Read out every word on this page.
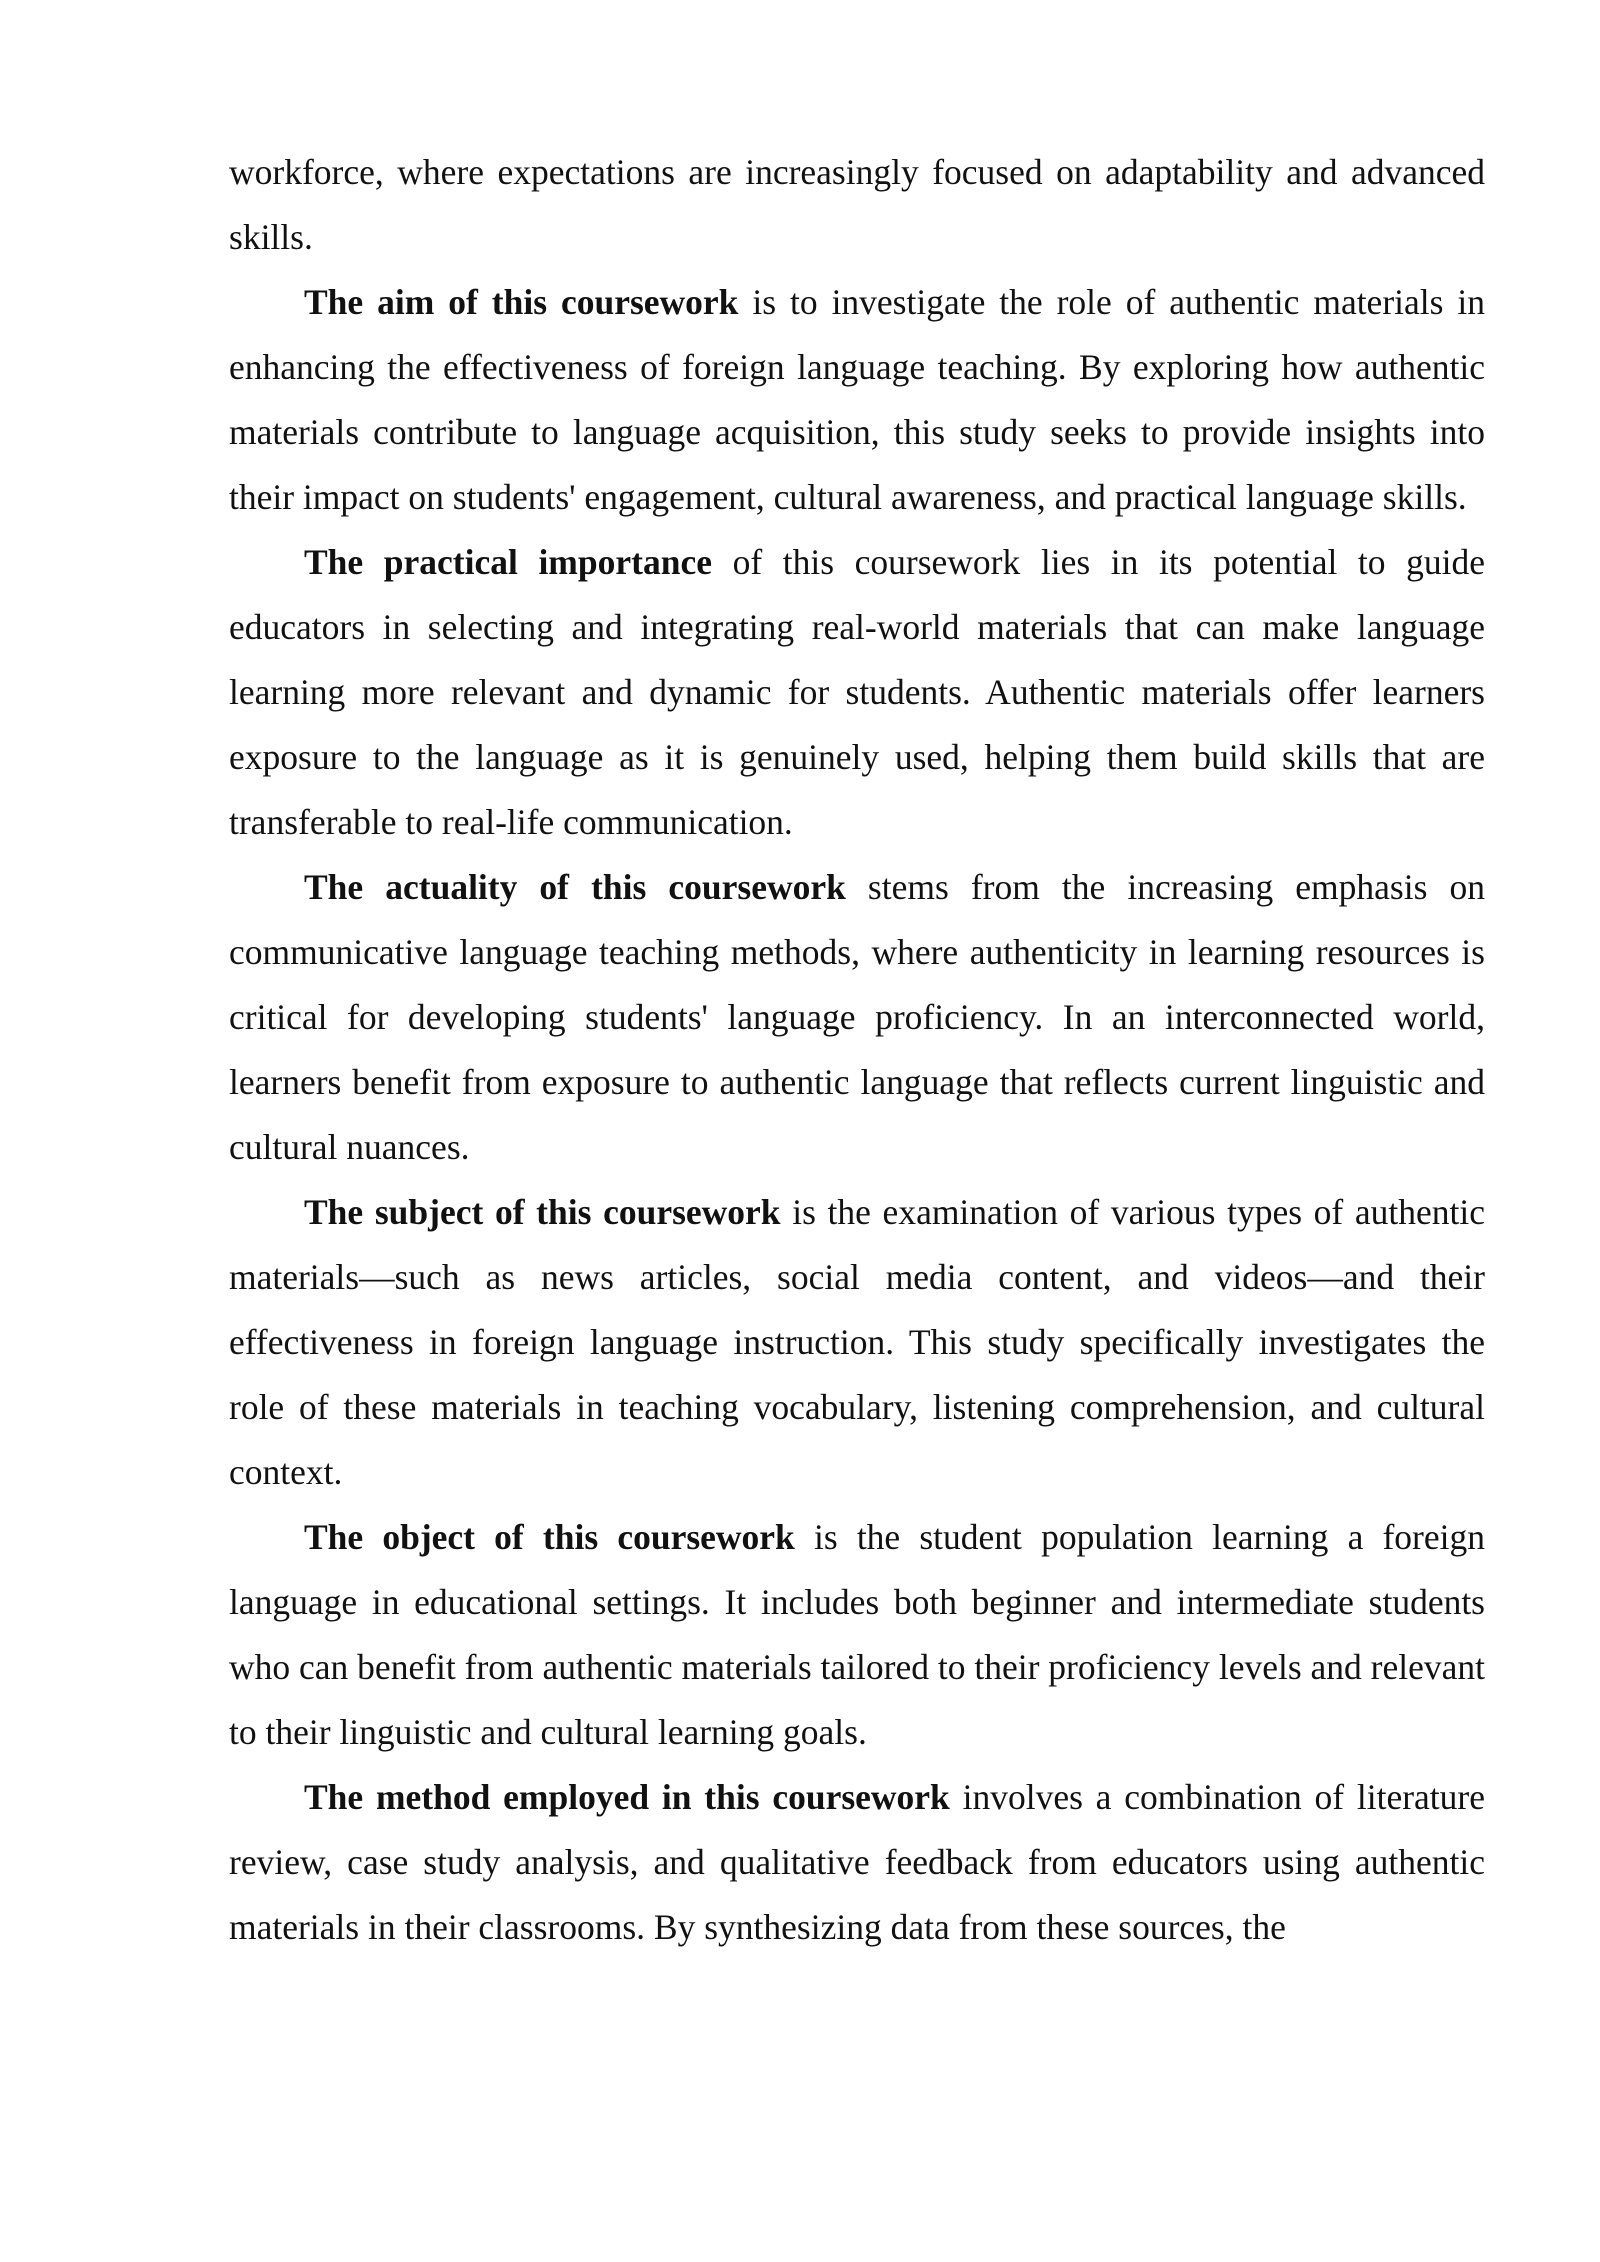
workforce, where expectations are increasingly focused on adaptability and advanced skills.

The aim of this coursework is to investigate the role of authentic materials in enhancing the effectiveness of foreign language teaching. By exploring how authentic materials contribute to language acquisition, this study seeks to provide insights into their impact on students' engagement, cultural awareness, and practical language skills.

The practical importance of this coursework lies in its potential to guide educators in selecting and integrating real-world materials that can make language learning more relevant and dynamic for students. Authentic materials offer learners exposure to the language as it is genuinely used, helping them build skills that are transferable to real-life communication.

The actuality of this coursework stems from the increasing emphasis on communicative language teaching methods, where authenticity in learning resources is critical for developing students' language proficiency. In an interconnected world, learners benefit from exposure to authentic language that reflects current linguistic and cultural nuances.

The subject of this coursework is the examination of various types of authentic materials—such as news articles, social media content, and videos—and their effectiveness in foreign language instruction. This study specifically investigates the role of these materials in teaching vocabulary, listening comprehension, and cultural context.

The object of this coursework is the student population learning a foreign language in educational settings. It includes both beginner and intermediate students who can benefit from authentic materials tailored to their proficiency levels and relevant to their linguistic and cultural learning goals.

The method employed in this coursework involves a combination of literature review, case study analysis, and qualitative feedback from educators using authentic materials in their classrooms. By synthesizing data from these sources, the
